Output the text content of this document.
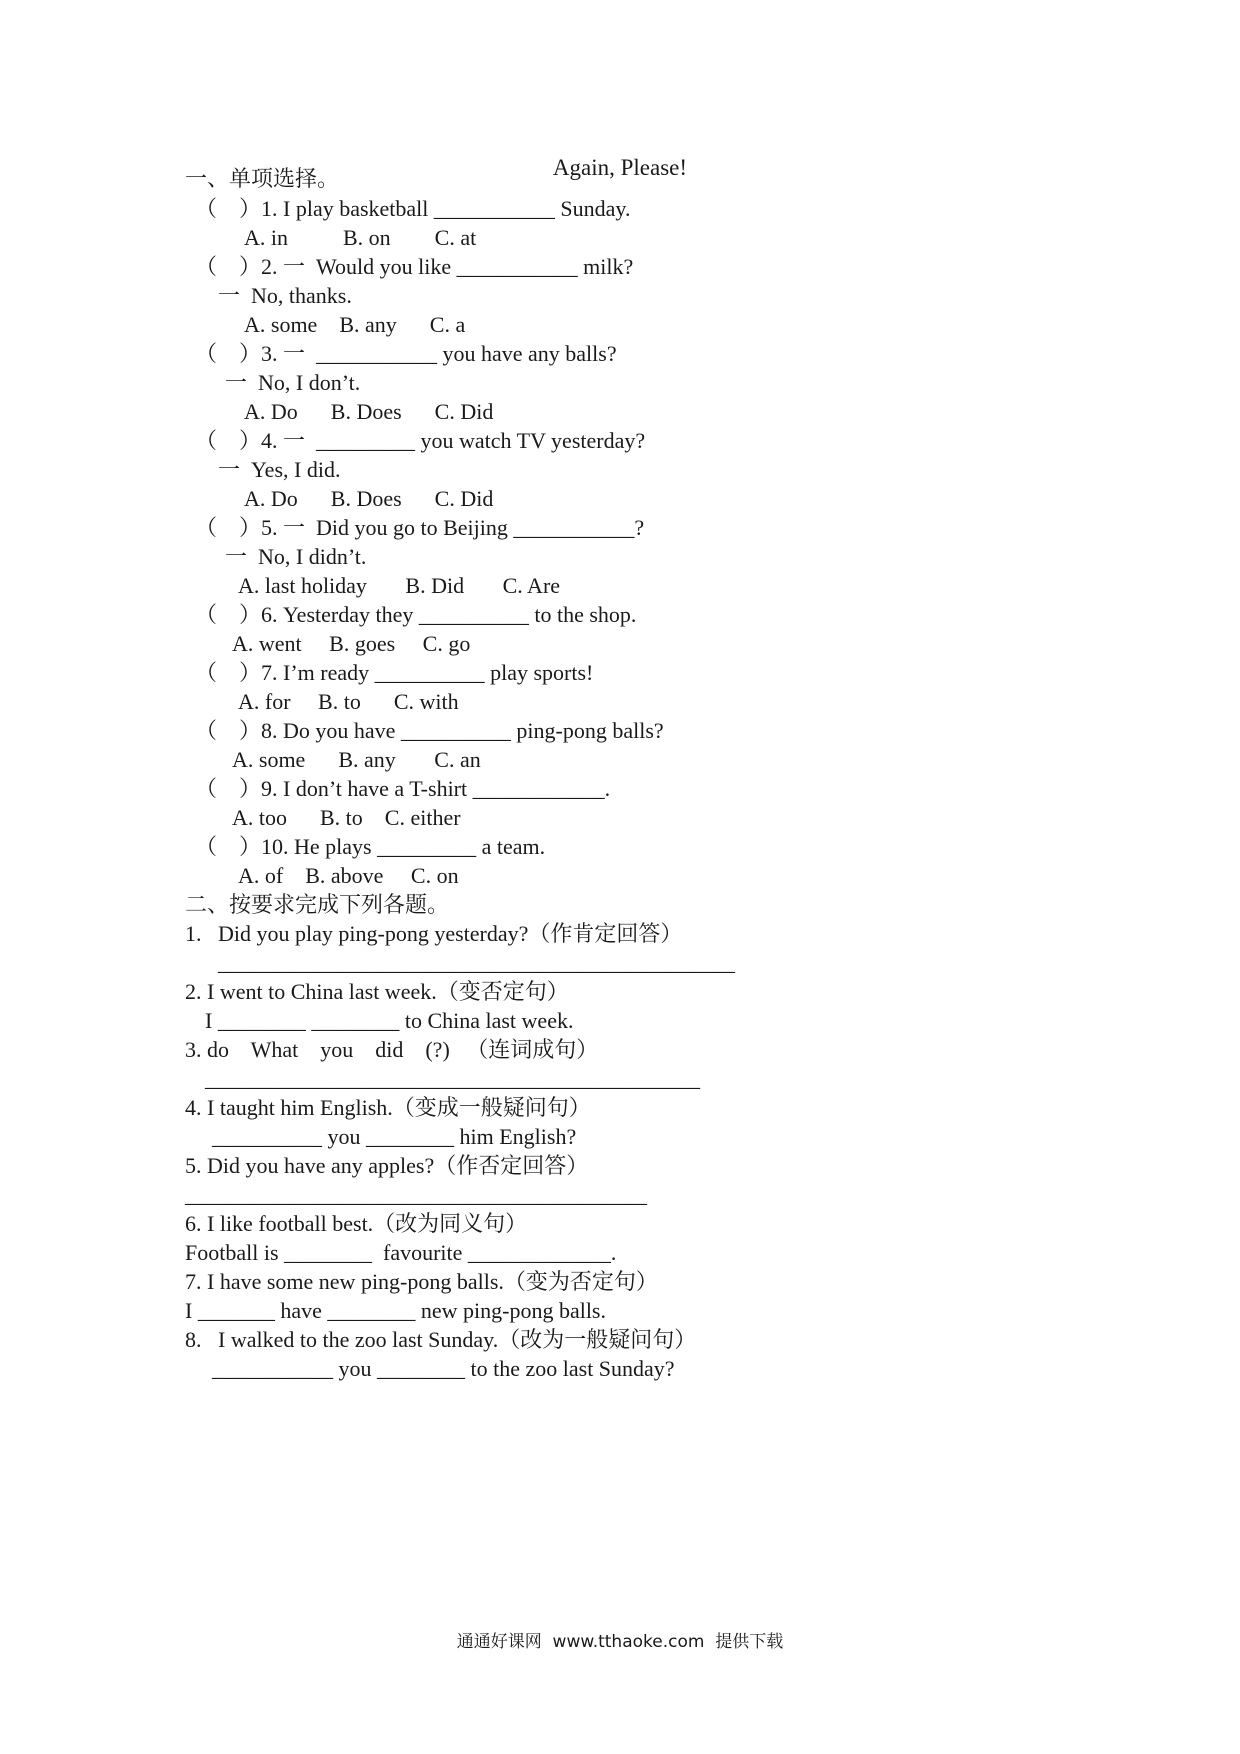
Again, Please!
一、单项选择。
（    ）1. I play basketball ___________ Sunday.
A. in          B. on        C. at
（    ）2. 一  Would you like ___________ milk?
一  No, thanks.
A. some    B. any      C. a
（    ）3. 一  ___________ you have any balls?
一  No, I don’t.
A. Do      B. Does      C. Did
（    ）4. 一  _________ you watch TV yesterday?
一  Yes, I did.
A. Do      B. Does      C. Did
（    ）5. 一  Did you go to Beijing ___________?
一  No, I didn’t.
A. last holiday       B. Did       C. Are
（    ）6. Yesterday they __________ to the shop.
A. went     B. goes     C. go
（    ）7. I’m ready __________ play sports!
A. for     B. to      C. with
（    ）8. Do you have __________ ping-pong balls?
A. some      B. any       C. an
（    ）9. I don’t have a T-shirt ____________.
A. too      B. to    C. either
（    ）10. He plays _________ a team.
A. of    B. above     C. on
二、按要求完成下列各题。
1.   Did you play ping-pong yesterday?（作肯定回答）
_______________________________________________
2. I went to China last week.（变否定句）
I ________ ________ to China last week.
3. do    What    you    did    (?)   （连词成句）
_____________________________________________
4. I taught him English.（变成一般疑问句）
__________ you ________ him English?
5. Did you have any apples?（作否定回答）
__________________________________________
6. I like football best.（改为同义句）
Football is ________  favourite _____________.
7. I have some new ping-pong balls.（变为否定句）
I _______ have ________ new ping-pong balls.
8.   I walked to the zoo last Sunday.（改为一般疑问句）
___________ you ________ to the zoo last Sunday?
通通好课网  www.tthaoke.com  提供下载
